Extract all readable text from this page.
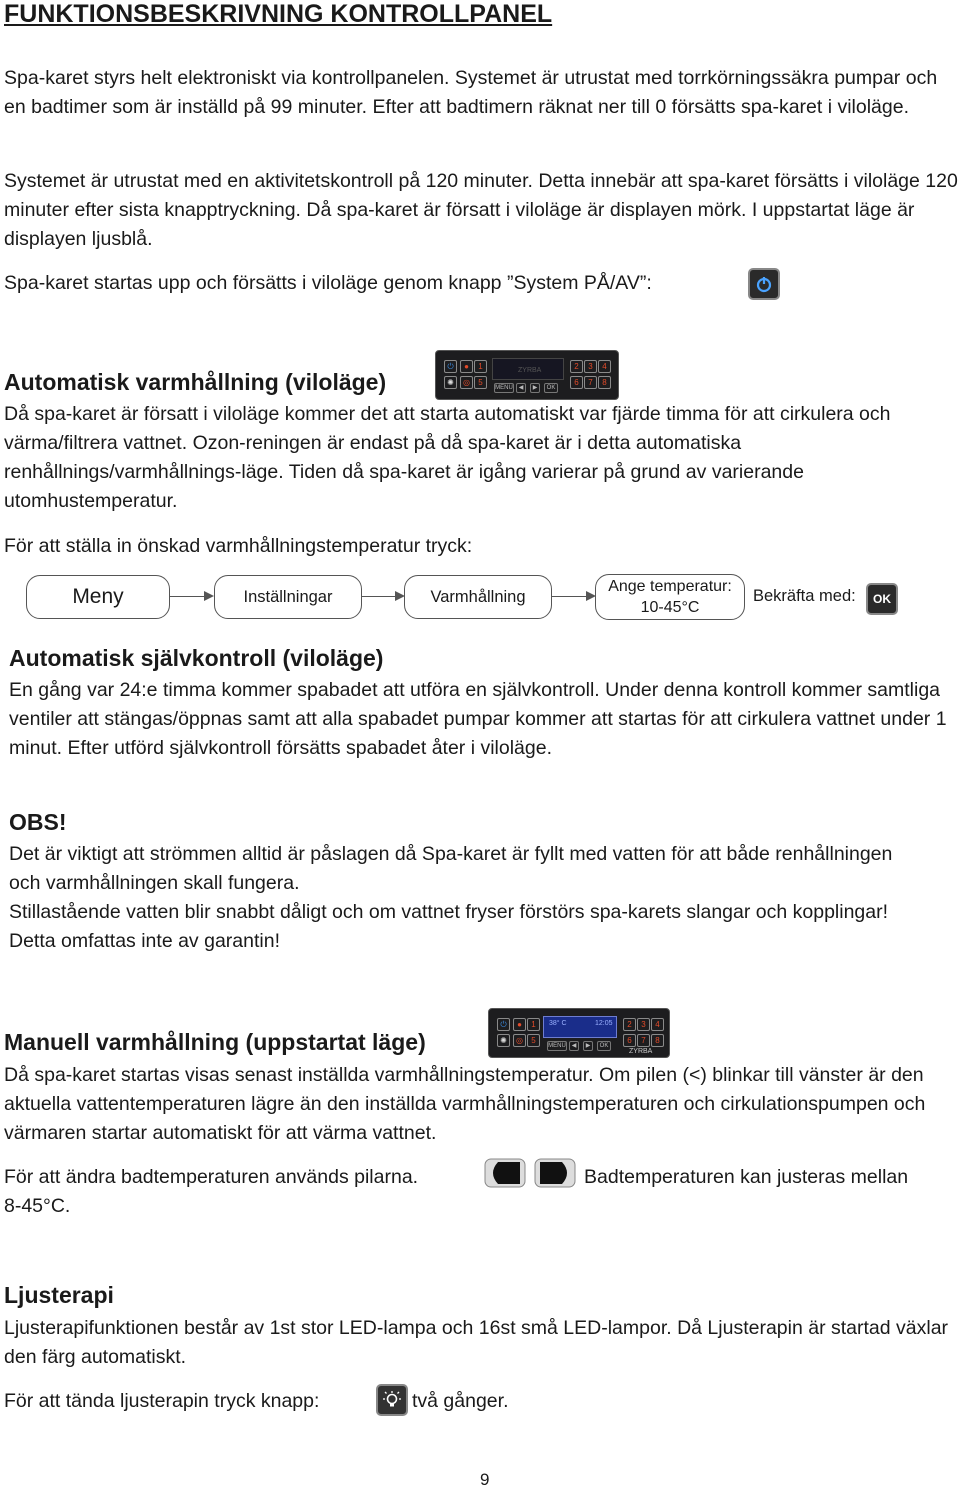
FUNKTIONSBESKRIVNING KONTROLLPANEL
Spa-karet styrs helt elektroniskt via kontrollpanelen. Systemet är utrustat med torrkörningssäkra pumpar och en badtimer som är inställd på 99 minuter. Efter att badtimern räknat ner till 0 försätts spa-karet i viloläge.
Systemet är utrustat med en aktivitetskontroll på 120 minuter. Detta innebär att spa-karet försätts i viloläge 120 minuter efter sista knapptryckning. Då spa-karet är försatt i viloläge är displayen mörk. I uppstartat läge är displayen ljusblå.
Spa-karet startas upp och försätts i viloläge genom knapp ”System PÅ/AV”:
⏻	●	1
✺	◎	5
ZYRBA
MENU ◀	▶	OK
2	3	4
6	7	8
Automatisk varmhållning (viloläge)
Då spa-karet är försatt i viloläge kommer det att starta automatiskt var fjärde timma för att cirkulera och värma/filtrera vattnet. Ozon-reningen är endast på då spa-karet är i detta automatiska renhållnings/varmhållnings-läge. Tiden då spa-karet är igång varierar på grund av varierande utomhustemperatur.
För att ställa in önskad varmhållningstemperatur tryck:
Meny	Inställningar	Varmhållning
Ange temperatur:
10-45°C
Bekräfta med: OK
Automatisk självkontroll (viloläge)
En gång var 24:e timma kommer spabadet att utföra en självkontroll. Under denna kontroll kommer samtliga ventiler att stängas/öppnas samt att alla spabadet pumpar kommer att startas för att cirkulera vattnet under 1 minut. Efter utförd självkontroll försätts spabadet åter i viloläge.
OBS!
Det är viktigt att strömmen alltid är påslagen då Spa-karet är fyllt med vatten för att både renhållningen och varmhållningen skall fungera.
Stillastående vatten blir snabbt dåligt och om vattnet fryser förstörs spa-karets slangar och kopplingar! Detta omfattas inte av garantin!
⏻	●	1
✺	◎	5
38° C	12:05
MENU ◀	▶	OK
2	3	4
6	7	8
ZYRBA
Manuell varmhållning (uppstartat läge)
Då spa-karet startas visas senast inställda varmhållningstemperatur. Om pilen (<) blinkar till vänster är den aktuella vattentemperaturen lägre än den inställda varmhållningstemperaturen och cirkulationspumpen och värmaren startar automatiskt för att värma vattnet.
För att ändra badtemperaturen används pilarna.	Badtemperaturen kan justeras mellan
8-45°C.
Ljusterapi
Ljusterapifunktionen består av 1st stor LED-lampa och 16st små LED-lampor. Då Ljusterapin är startad växlar den färg automatiskt.
För att tända ljusterapin tryck knapp:	två gånger.
9
